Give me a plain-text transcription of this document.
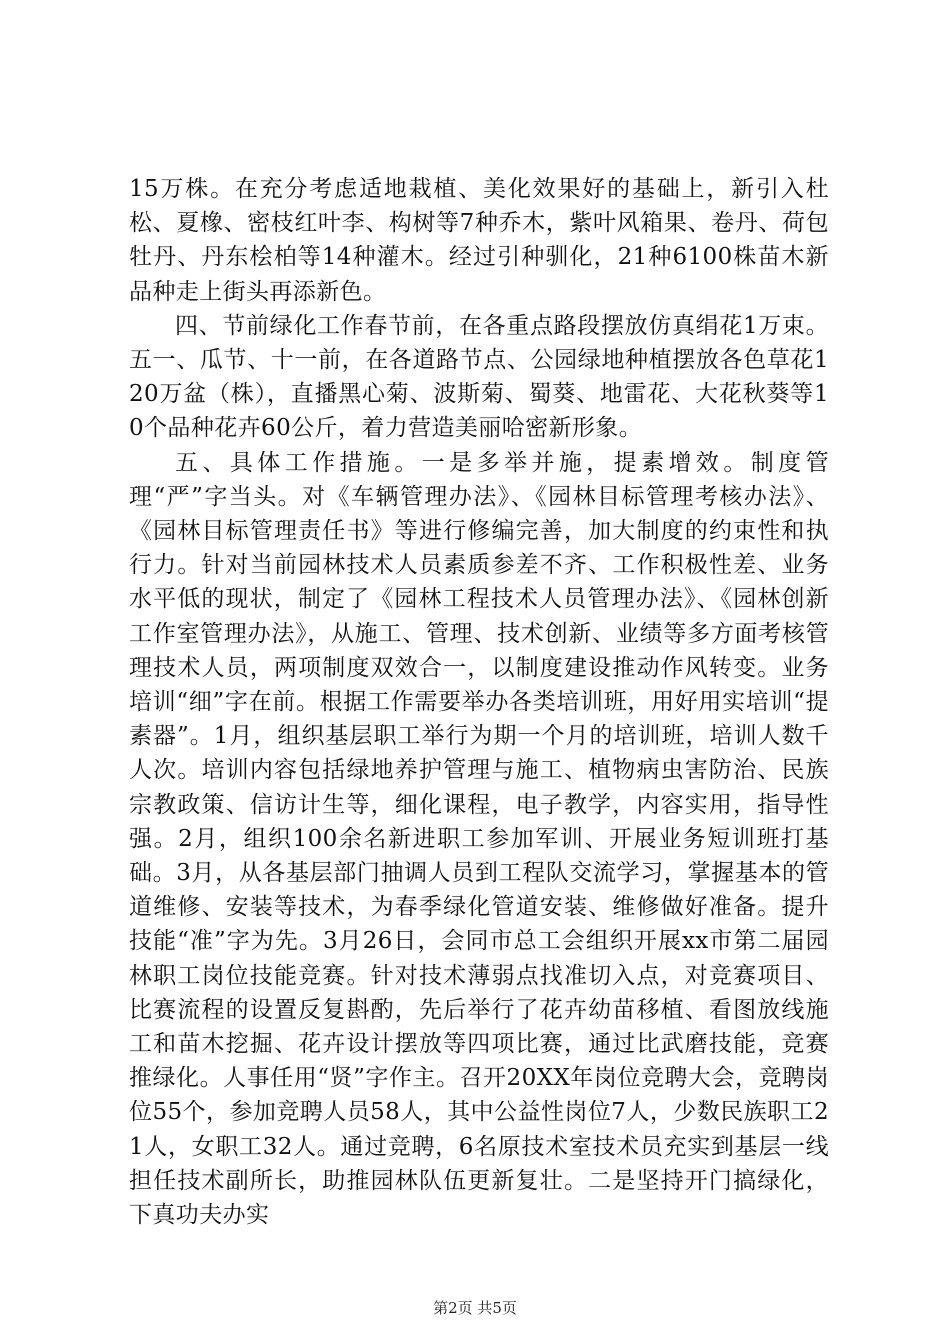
15万株。在充分考虑适地栽植、美化效果好的基础上，新引入杜松、夏橡、密枝红叶李、构树等7种乔木，紫叶风箱果、卷丹、荷包牡丹、丹东桧柏等14种灌木。经过引种驯化，21种6100株苗木新品种走上街头再添新色。

四、节前绿化工作春节前，在各重点路段摆放仿真绢花1万束。五一、瓜节、十一前，在各道路节点、公园绿地种植摆放各色草花120万盆（株），直播黑心菊、波斯菊、蜀葵、地雷花、大花秋葵等10个品种花卉60公斤，着力营造美丽哈密新形象。

五、具体工作措施。一是多举并施，提素增效。制度管理“严”字当头。对《车辆管理办法》、《园林目标管理考核办法》、《园林目标管理责任书》等进行修编完善，加大制度的约束性和执行力。针对当前园林技术人员素质参差不齐、工作积极性差、业务水平低的现状，制定了《园林工程技术人员管理办法》、《园林创新工作室管理办法》，从施工、管理、技术创新、业绩等多方面考核管理技术人员，两项制度双效合一，以制度建设推动作风转变。业务培训“细”字在前。根据工作需要举办各类培训班，用好用实培训“提素器”。1月，组织基层职工举行为期一个月的培训班，培训人数千人次。培训内容包括绿地养护管理与施工、植物病虫害防治、民族宗教政策、信访计生等，细化课程，电子教学，内容实用，指导性强。2月，组织100余名新进职工参加军训、开展业务短训班打基础。3月，从各基层部门抽调人员到工程队交流学习，掌握基本的管道维修、安装等技术，为春季绿化管道安装、维修做好准备。提升技能“准”字为先。3月26日，会同市总工会组织开展xx市第二届园林职工岗位技能竞赛。针对技术薄弱点找准切入点，对竞赛项目、比赛流程的设置反复斟酌，先后举行了花卉幼苗移植、看图放线施工和苗木挖掘、花卉设计摆放等四项比赛，通过比武磨技能，竞赛推绿化。人事任用“贤”字作主。召开20XX年岗位竞聘大会，竞聘岗位55个，参加竞聘人员58人，其中公益性岗位7人，少数民族职工21人，女职工32人。通过竞聘，6名原技术室技术员充实到基层一线担任技术副所长，助推园林队伍更新复壮。二是坚持开门搞绿化，下真功夫办实

第2页 共5页
